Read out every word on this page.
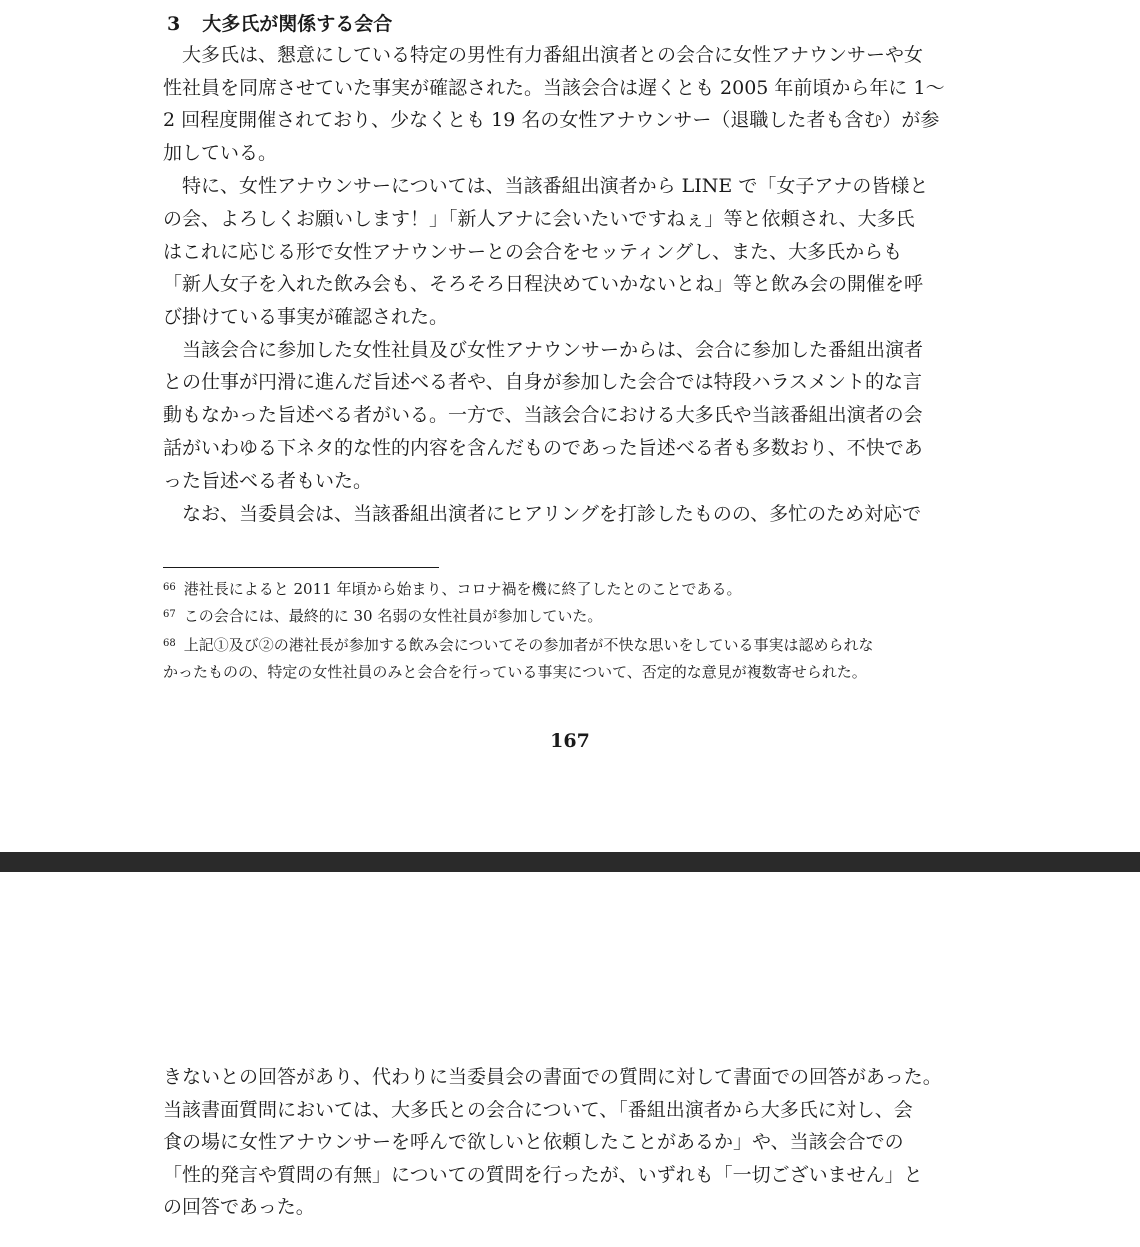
3 大多氏が関係する会合

　大多氏は、懇意にしている特定の男性有力番組出演者との会合に女性アナウンサーや女

性社員を同席させていた事実が確認された。当該会合は遅くとも 2005 年前頃から年に 1～

2 回程度開催されており、少なくとも 19 名の女性アナウンサー（退職した者も含む）が参

加している。

　特に、女性アナウンサーについては、当該番組出演者から LINE で「女子アナの皆様と

の会、よろしくお願いします！」「新人アナに会いたいですねぇ」等と依頼され、大多氏

はこれに応じる形で女性アナウンサーとの会合をセッティングし、また、大多氏からも

「新人女子を入れた飲み会も、そろそろ日程決めていかないとね」等と飲み会の開催を呼

び掛けている事実が確認された。

　当該会合に参加した女性社員及び女性アナウンサーからは、会合に参加した番組出演者

との仕事が円滑に進んだ旨述べる者や、自身が参加した会合では特段ハラスメント的な言

動もなかった旨述べる者がいる。一方で、当該会合における大多氏や当該番組出演者の会

話がいわゆる下ネタ的な性的内容を含んだものであった旨述べる者も多数おり、不快であ

った旨述べる者もいた。

　なお、当委員会は、当該番組出演者にヒアリングを打診したものの、多忙のため対応で

$^{66}$ 港社長によると 2011 年頃から始まり、コロナ禍を機に終了したとのことである。

$^{67}$ この会合には、最終的に 30 名弱の女性社員が参加していた。

$^{68}$ 上記①及び②の港社長が参加する飲み会についてその参加者が不快な思いをしている事実は認められな

かったものの、特定の女性社員のみと会合を行っている事実について、否定的な意見が複数寄せられた。

167

きないとの回答があり、代わりに当委員会の書面での質問に対して書面での回答があった。

当該書面質問においては、大多氏との会合について、「番組出演者から大多氏に対し、会

食の場に女性アナウンサーを呼んで欲しいと依頼したことがあるか」や、当該会合での

「性的発言や質問の有無」についての質問を行ったが、いずれも「一切ございません」と

の回答であった。
